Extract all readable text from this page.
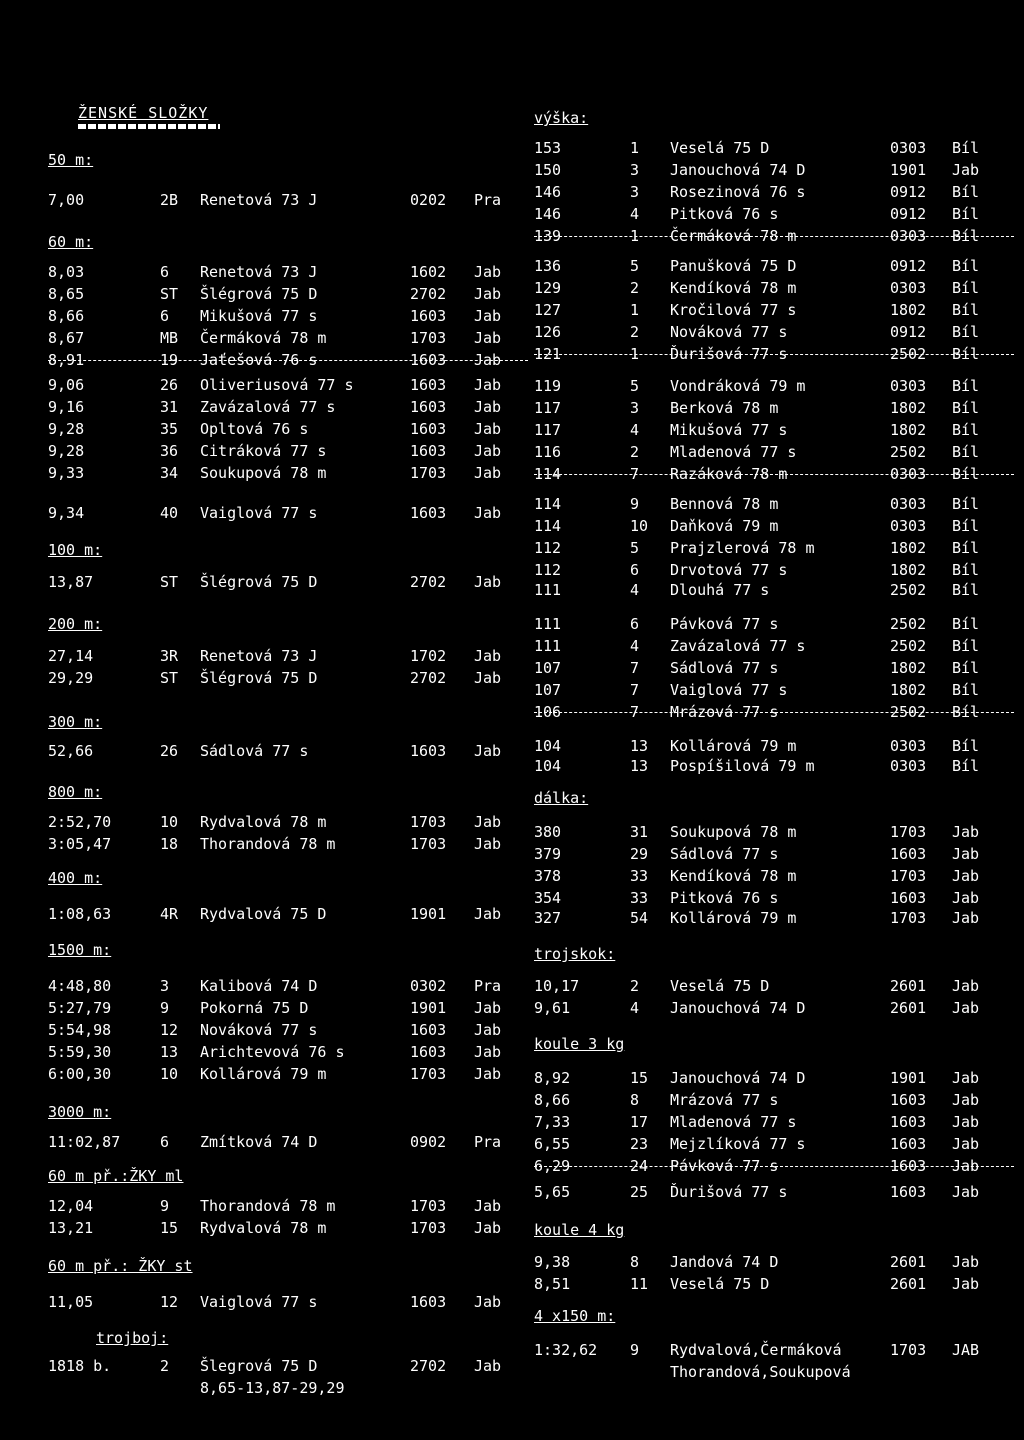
ŽENSKÉ SLOŽKY
50 m:
7,00	2B Renetová 73 J	0202 Pra
60 m:
8,03	6 Renetová 73 J	1602 Jab
8,65	ST Šlégrová 75 D	2702 Jab
8,66	6 Mikušová 77 s	1603 Jab
8,67	MB Čermáková 78 m	1703 Jab
8,91	19 Jaťešová 76 s	1603 Jab
9,06	26 Oliveriusová 77 s	1603 Jab
9,16	31 Zavázalová 77 s	1603 Jab
9,28	35 Opltová 76 s	1603 Jab
9,28	36 Citráková 77 s	1603 Jab
9,33	34 Soukupová 78 m	1703 Jab
9,34	40 Vaiglová 77 s	1603 Jab
100 m:
13,87	ST Šlégrová 75 D	2702 Jab
200 m:
27,14	3R Renetová 73 J	1702 Jab
29,29	ST Šlégrová 75 D	2702 Jab
300 m:
52,66	26 Sádlová 77 s	1603 Jab
800 m:
2:52,70	10 Rydvalová 78 m	1703 Jab
3:05,47	18 Thorandová 78 m	1703 Jab
400 m:
1:08,63	4R Rydvalová 75 D	1901 Jab
1500 m:
4:48,80	3 Kalibová 74 D	0302 Pra
5:27,79	9 Pokorná 75 D	1901 Jab
5:54,98	12 Nováková 77 s	1603 Jab
5:59,30	13 Arichtevová 76 s	1603 Jab
6:00,30	10 Kollárová 79 m	1703 Jab
3000 m:
11:02,87	6 Zmítková 74 D	0902 Pra
60 m př.:ŽKY ml
12,04	9 Thorandová 78 m	1703 Jab
13,21	15 Rydvalová 78 m	1703 Jab
60 m př.: ŽKY st
11,05	12 Vaiglová 77 s	1603 Jab
trojboj:
1818 b.	2 Šlegrová 75 D	2702 Jab
8,65-13,87-29,29
výška:
153	1 Veselá 75 D	0303 Bíl
150	3 Janouchová 74 D	1901 Jab
146	3 Rosezinová 76 s	0912 Bíl
146	4 Pitková 76 s	0912 Bíl
139	1 Čermáková 78 m	0303 Bíl
136	5 Panušková 75 D	0912 Bíl
129	2 Kendíková 78 m	0303 Bíl
127	1 Kročilová 77 s	1802 Bíl
126	2 Nováková 77 s	0912 Bíl
121	1 Ďurišová 77 s	2502 Bíl
119	5 Vondráková 79 m	0303 Bíl
117	3 Berková 78 m	1802 Bíl
117	4 Mikušová 77 s	1802 Bíl
116	2 Mladenová 77 s	2502 Bíl
114	7 Razáková 78 m	0303 Bíl
114	9 Bennová 78 m	0303 Bíl
114	10 Daňková 79 m	0303 Bíl
112	5 Prajzlerová 78 m	1802 Bíl
112	6 Drvotová 77 s	1802 Bíl
111	4 Dlouhá 77 s	2502 Bíl
111	6 Pávková 77 s	2502 Bíl
111	4 Zavázalová 77 s	2502 Bíl
107	7 Sádlová 77 s	1802 Bíl
107	7 Vaiglová 77 s	1802 Bíl
106	7 Mrázová 77 s	2502 Bíl
104	13 Kollárová 79 m	0303 Bíl
104	13 Pospíšilová 79 m	0303 Bíl
dálka:
380	31 Soukupová 78 m	1703 Jab
379	29 Sádlová 77 s	1603 Jab
378	33 Kendíková 78 m	1703 Jab
354	33 Pitková 76 s	1603 Jab
327	54 Kollárová 79 m	1703 Jab
trojskok:
10,17	2 Veselá 75 D	2601 Jab
9,61	4 Janouchová 74 D	2601 Jab
koule 3 kg
8,92	15 Janouchová 74 D	1901 Jab
8,66	8 Mrázová 77 s	1603 Jab
7,33	17 Mladenová 77 s	1603 Jab
6,55	23 Mejzlíková 77 s	1603 Jab
6,29	24 Pávková 77 s	1603 Jab
5,65	25 Ďurišová 77 s	1603 Jab
koule 4 kg
9,38	8 Jandová 74 D	2601 Jab
8,51	11 Veselá 75 D	2601 Jab
4 x150 m:
1:32,62 9 Rydvalová,Čermáková	1703 JAB
Thorandová,Soukupová
